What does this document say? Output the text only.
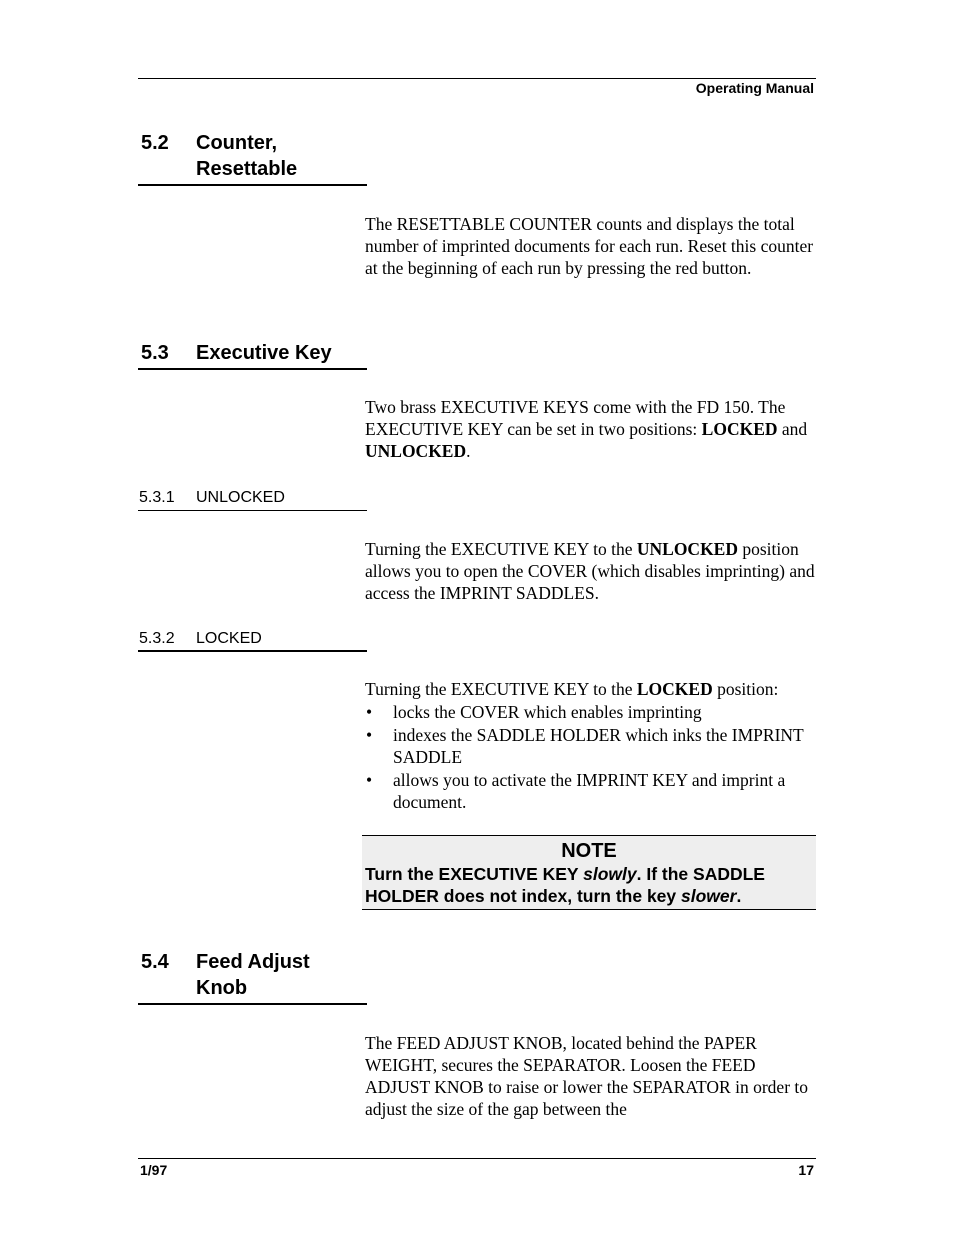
Operating Manual
5.2 Counter,
Resettable

The RESETTABLE COUNTER counts and displays the total number of imprinted documents for each run. Reset this counter at the beginning of each run by pressing the red button.

5.3 Executive Key

Two brass EXECUTIVE KEYS come with the FD 150. The EXECUTIVE KEY can be set in two positions: LOCKED and UNLOCKED.

5.3.1 UNLOCKED

Turning the EXECUTIVE KEY to the UNLOCKED position allows you to open the COVER (which disables imprinting) and access the IMPRINT SADDLES.

5.3.2 LOCKED

Turning the EXECUTIVE KEY to the LOCKED position:

• locks the COVER which enables imprinting
• indexes the SADDLE HOLDER which inks the IMPRINT SADDLE
• allows you to activate the IMPRINT KEY and imprint a document.
NOTE
Turn the EXECUTIVE KEY slowly. If the SADDLE HOLDER does not index, turn the key slower.
5.4 Feed Adjust
Knob

The FEED ADJUST KNOB, located behind the PAPER WEIGHT, secures the SEPARATOR. Loosen the FEED ADJUST KNOB to raise or lower the SEPARATOR in order to adjust the size of the gap between the

1/97	17
